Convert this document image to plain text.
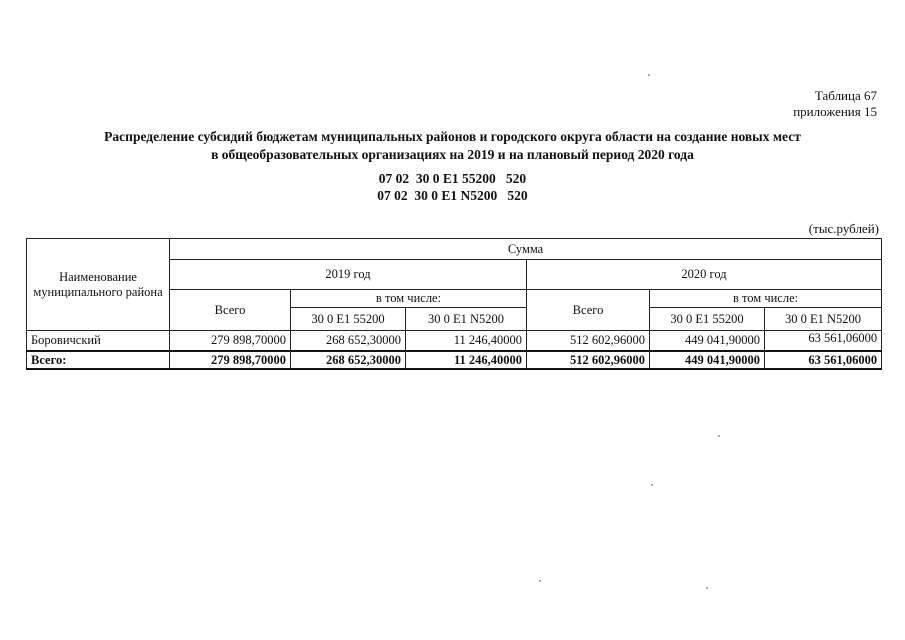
Таблица 67
приложения 15
Распределение субсидий бюджетам муниципальных районов и городского округа области на создание новых мест
в общеобразовательных организациях на 2019 и на плановый период 2020 года
07 02  30 0 E1 55200   520
07 02  30 0 E1 N5200   520
(тыс.рублей)
Наименование муниципального района	Сумма					
	2019 год			2020 год		
	Всего	в том числе:		Всего	в том числе:	
		30 0 E1 55200	30 0 E1 N5200		30 0 E1 55200	30 0 E1 N5200
Боровичский	279 898,70000	268 652,30000	11 246,40000	512 602,96000	449 041,90000	63 561,06000
Всего:	279 898,70000	268 652,30000	11 246,40000	512 602,96000	449 041,90000	63 561,06000
